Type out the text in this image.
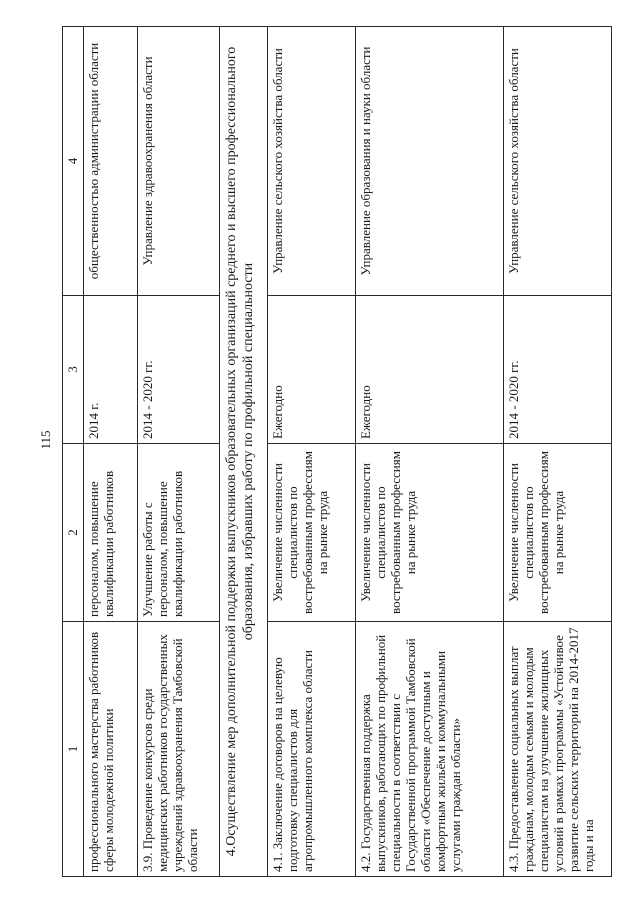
115
1	2	3	4
профессионального мастерства работников сферы молодежной политики	персоналом, повышение квалификации работников	2014 г.	общественностью администрации области
3.9. Проведение конкурсов среди медицинских работников государственных учреждений здравоохранения Тамбовской области	Улучшение работы с персоналом, повышение квалификации работников	2014 - 2020 гг.	Управление здравоохранения области
4.Осуществление мер дополнительной поддержки выпускников образовательных организаций среднего и высшего профессионального образования, избравших работу по профильной специальности			
4.1. Заключение договоров на целевую подготовку специалистов для агропромышленного комплекса области	Увеличение численности специалистов по востребованным профессиям на рынке труда	Ежегодно	Управление сельского хозяйства области
4.2. Государственная поддержка выпускников, работающих по профильной специальности в соответствии с Государственной программой Тамбовской области «Обеспечение доступным и комфортным жильём и коммунальными услугами граждан области»	Увеличение численности специалистов по востребованным профессиям на рынке труда	Ежегодно	Управление образования и науки области
4.3. Предоставление социальных выплат гражданам, молодым семьям и молодым специалистам на улучшение жилищных условий в рамках программы «Устойчивое развитие сельских территорий на 2014-2017 годы и на	Увеличение численности специалистов по востребованным профессиям на рынке труда	2014 - 2020 гг.	Управление сельского хозяйства области
